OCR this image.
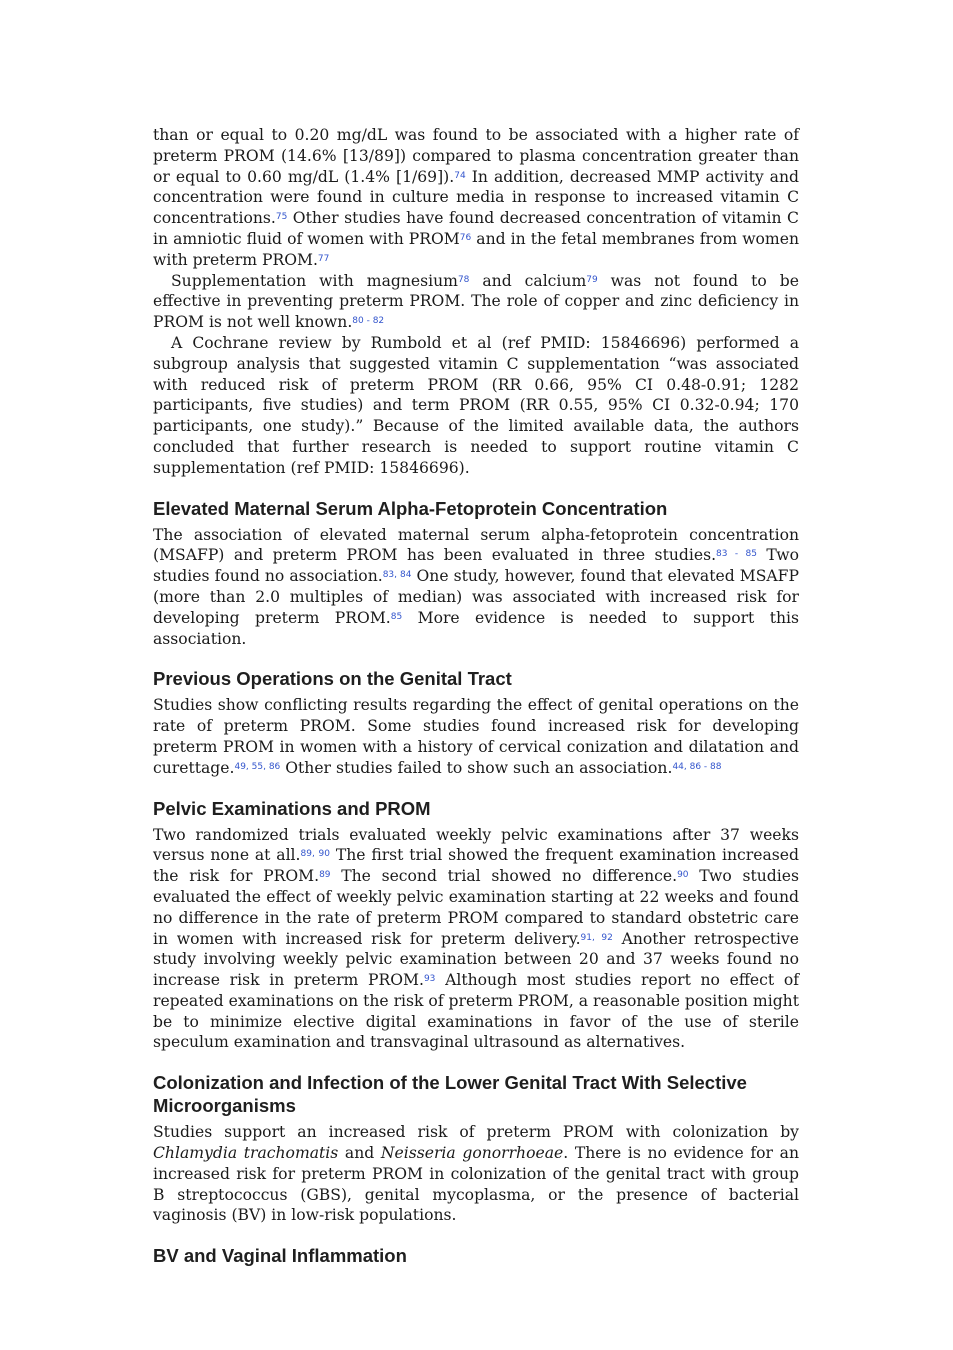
than or equal to 0.20 mg/dL was found to be associated with a higher rate of preterm PROM (14.6% [13/89]) compared to plasma concentration greater than or equal to 0.60 mg/dL (1.4% [1/69]).$^{74}$ In addition, decreased MMP activity and concentration were found in culture media in response to increased vitamin C concentrations.$^{75}$ Other studies have found decreased concentration of vitamin C in amniotic fluid of women with PROM$^{76}$ and in the fetal membranes from women with preterm PROM.$^{77}$

Supplementation with magnesium$^{78}$ and calcium$^{79}$ was not found to be effective in preventing preterm PROM. The role of copper and zinc deficiency in PROM is not well known.$^{80 - 82}$

A Cochrane review by Rumbold et al (ref PMID: 15846696) performed a subgroup analysis that suggested vitamin C supplementation “was associated with reduced risk of preterm PROM (RR 0.66, 95% CI 0.48-0.91; 1282 participants, five studies) and term PROM (RR 0.55, 95% CI 0.32-0.94; 170 participants, one study).” Because of the limited available data, the authors concluded that further research is needed to support routine vitamin C supplementation (ref PMID: 15846696).

Elevated Maternal Serum Alpha-Fetoprotein Concentration

The association of elevated maternal serum alpha-fetoprotein concentration (MSAFP) and preterm PROM has been evaluated in three studies.$^{83 - 85}$ Two studies found no association.$^{83, 84}$ One study, however, found that elevated MSAFP (more than 2.0 multiples of median) was associated with increased risk for developing preterm PROM.$^{85}$ More evidence is needed to support this association.

Previous Operations on the Genital Tract

Studies show conflicting results regarding the effect of genital operations on the rate of preterm PROM. Some studies found increased risk for developing preterm PROM in women with a history of cervical conization and dilatation and curettage.$^{49, 55, 86}$ Other studies failed to show such an association.$^{44, 86 - 88}$

Pelvic Examinations and PROM

Two randomized trials evaluated weekly pelvic examinations after 37 weeks versus none at all.$^{89, 90}$ The first trial showed the frequent examination increased the risk for PROM.$^{89}$ The second trial showed no difference.$^{90}$ Two studies evaluated the effect of weekly pelvic examination starting at 22 weeks and found no difference in the rate of preterm PROM compared to standard obstetric care in women with increased risk for preterm delivery.$^{91, 92}$ Another retrospective study involving weekly pelvic examination between 20 and 37 weeks found no increase risk in preterm PROM.$^{93}$ Although most studies report no effect of repeated examinations on the risk of preterm PROM, a reasonable position might be to minimize elective digital examinations in favor of the use of sterile speculum examination and transvaginal ultrasound as alternatives.

Colonization and Infection of the Lower Genital Tract With Selective Microorganisms

Studies support an increased risk of preterm PROM with colonization by Chlamydia trachomatis and Neisseria gonorrhoeae. There is no evidence for an increased risk for preterm PROM in colonization of the genital tract with group B streptococcus (GBS), genital mycoplasma, or the presence of bacterial vaginosis (BV) in low-risk populations.

BV and Vaginal Inflammation
